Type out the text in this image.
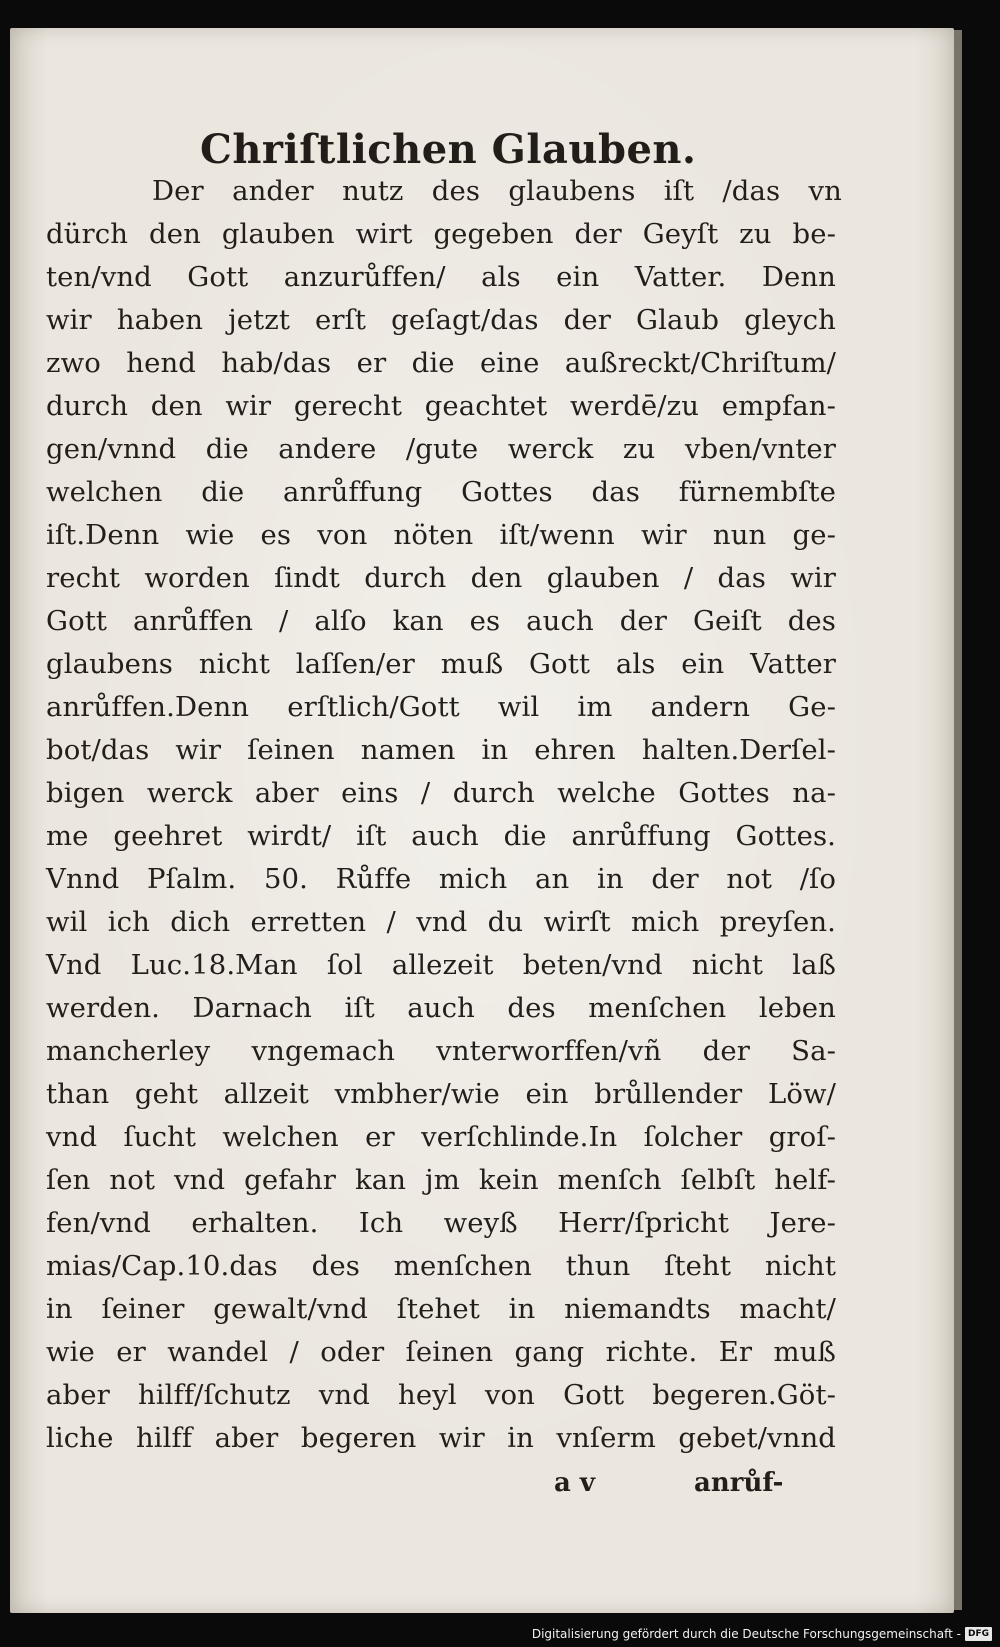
Chriſtlichen Glauben.
Der ander nutz des glaubens iſt /das vn
dürch den glauben wirt gegeben der Geyſt zu be-
ten/vnd Gott anzurůffen/ als ein Vatter. Denn
wir haben jetzt erſt geſagt/das der Glaub gleych
zwo hend hab/das er die eine außreckt/Chriſtum/
durch den wir gerecht geachtet werdē/zu empfan-
gen/vnnd die andere /gute werck zu vben/vnter
welchen die anrůffung Gottes das fürnembſte
iſt.Denn wie es von nöten iſt/wenn wir nun ge-
recht worden ſindt durch den glauben / das wir
Gott anrůffen / alſo kan es auch der Geiſt des
glaubens nicht laſſen/er muß Gott als ein Vatter
anrůffen.Denn erſtlich/Gott wil im andern Ge-
bot/das wir ſeinen namen in ehren halten.Derſel-
bigen werck aber eins / durch welche Gottes na-
me geehret wirdt/ iſt auch die anrůffung Gottes.
Vnnd Pſalm. 50. Růffe mich an in der not /ſo
wil ich dich erretten / vnd du wirſt mich preyſen.
Vnd Luc.18.Man ſol allezeit beten/vnd nicht laß
werden. Darnach iſt auch des menſchen leben
mancherley vngemach vnterworffen/vñ der Sa-
than geht allzeit vmbher/wie ein brůllender Löw/
vnd ſucht welchen er verſchlinde.In ſolcher groſ-
ſen not vnd gefahr kan jm kein menſch ſelbſt helf-
fen/vnd erhalten. Ich weyß Herr/ſpricht Jere-
mias/Cap.10.das des menſchen thun ſteht nicht
in ſeiner gewalt/vnd ſtehet in niemandts macht/
wie er wandel / oder ſeinen gang richte. Er muß
aber hilff/ſchutz vnd heyl von Gott begeren.Göt-
liche hilff aber begeren wir in vnſerm gebet/vnnd
a v	anrůf-
Digitalisierung gefördert durch die Deutsche Forschungsgemeinschaft - DFG
